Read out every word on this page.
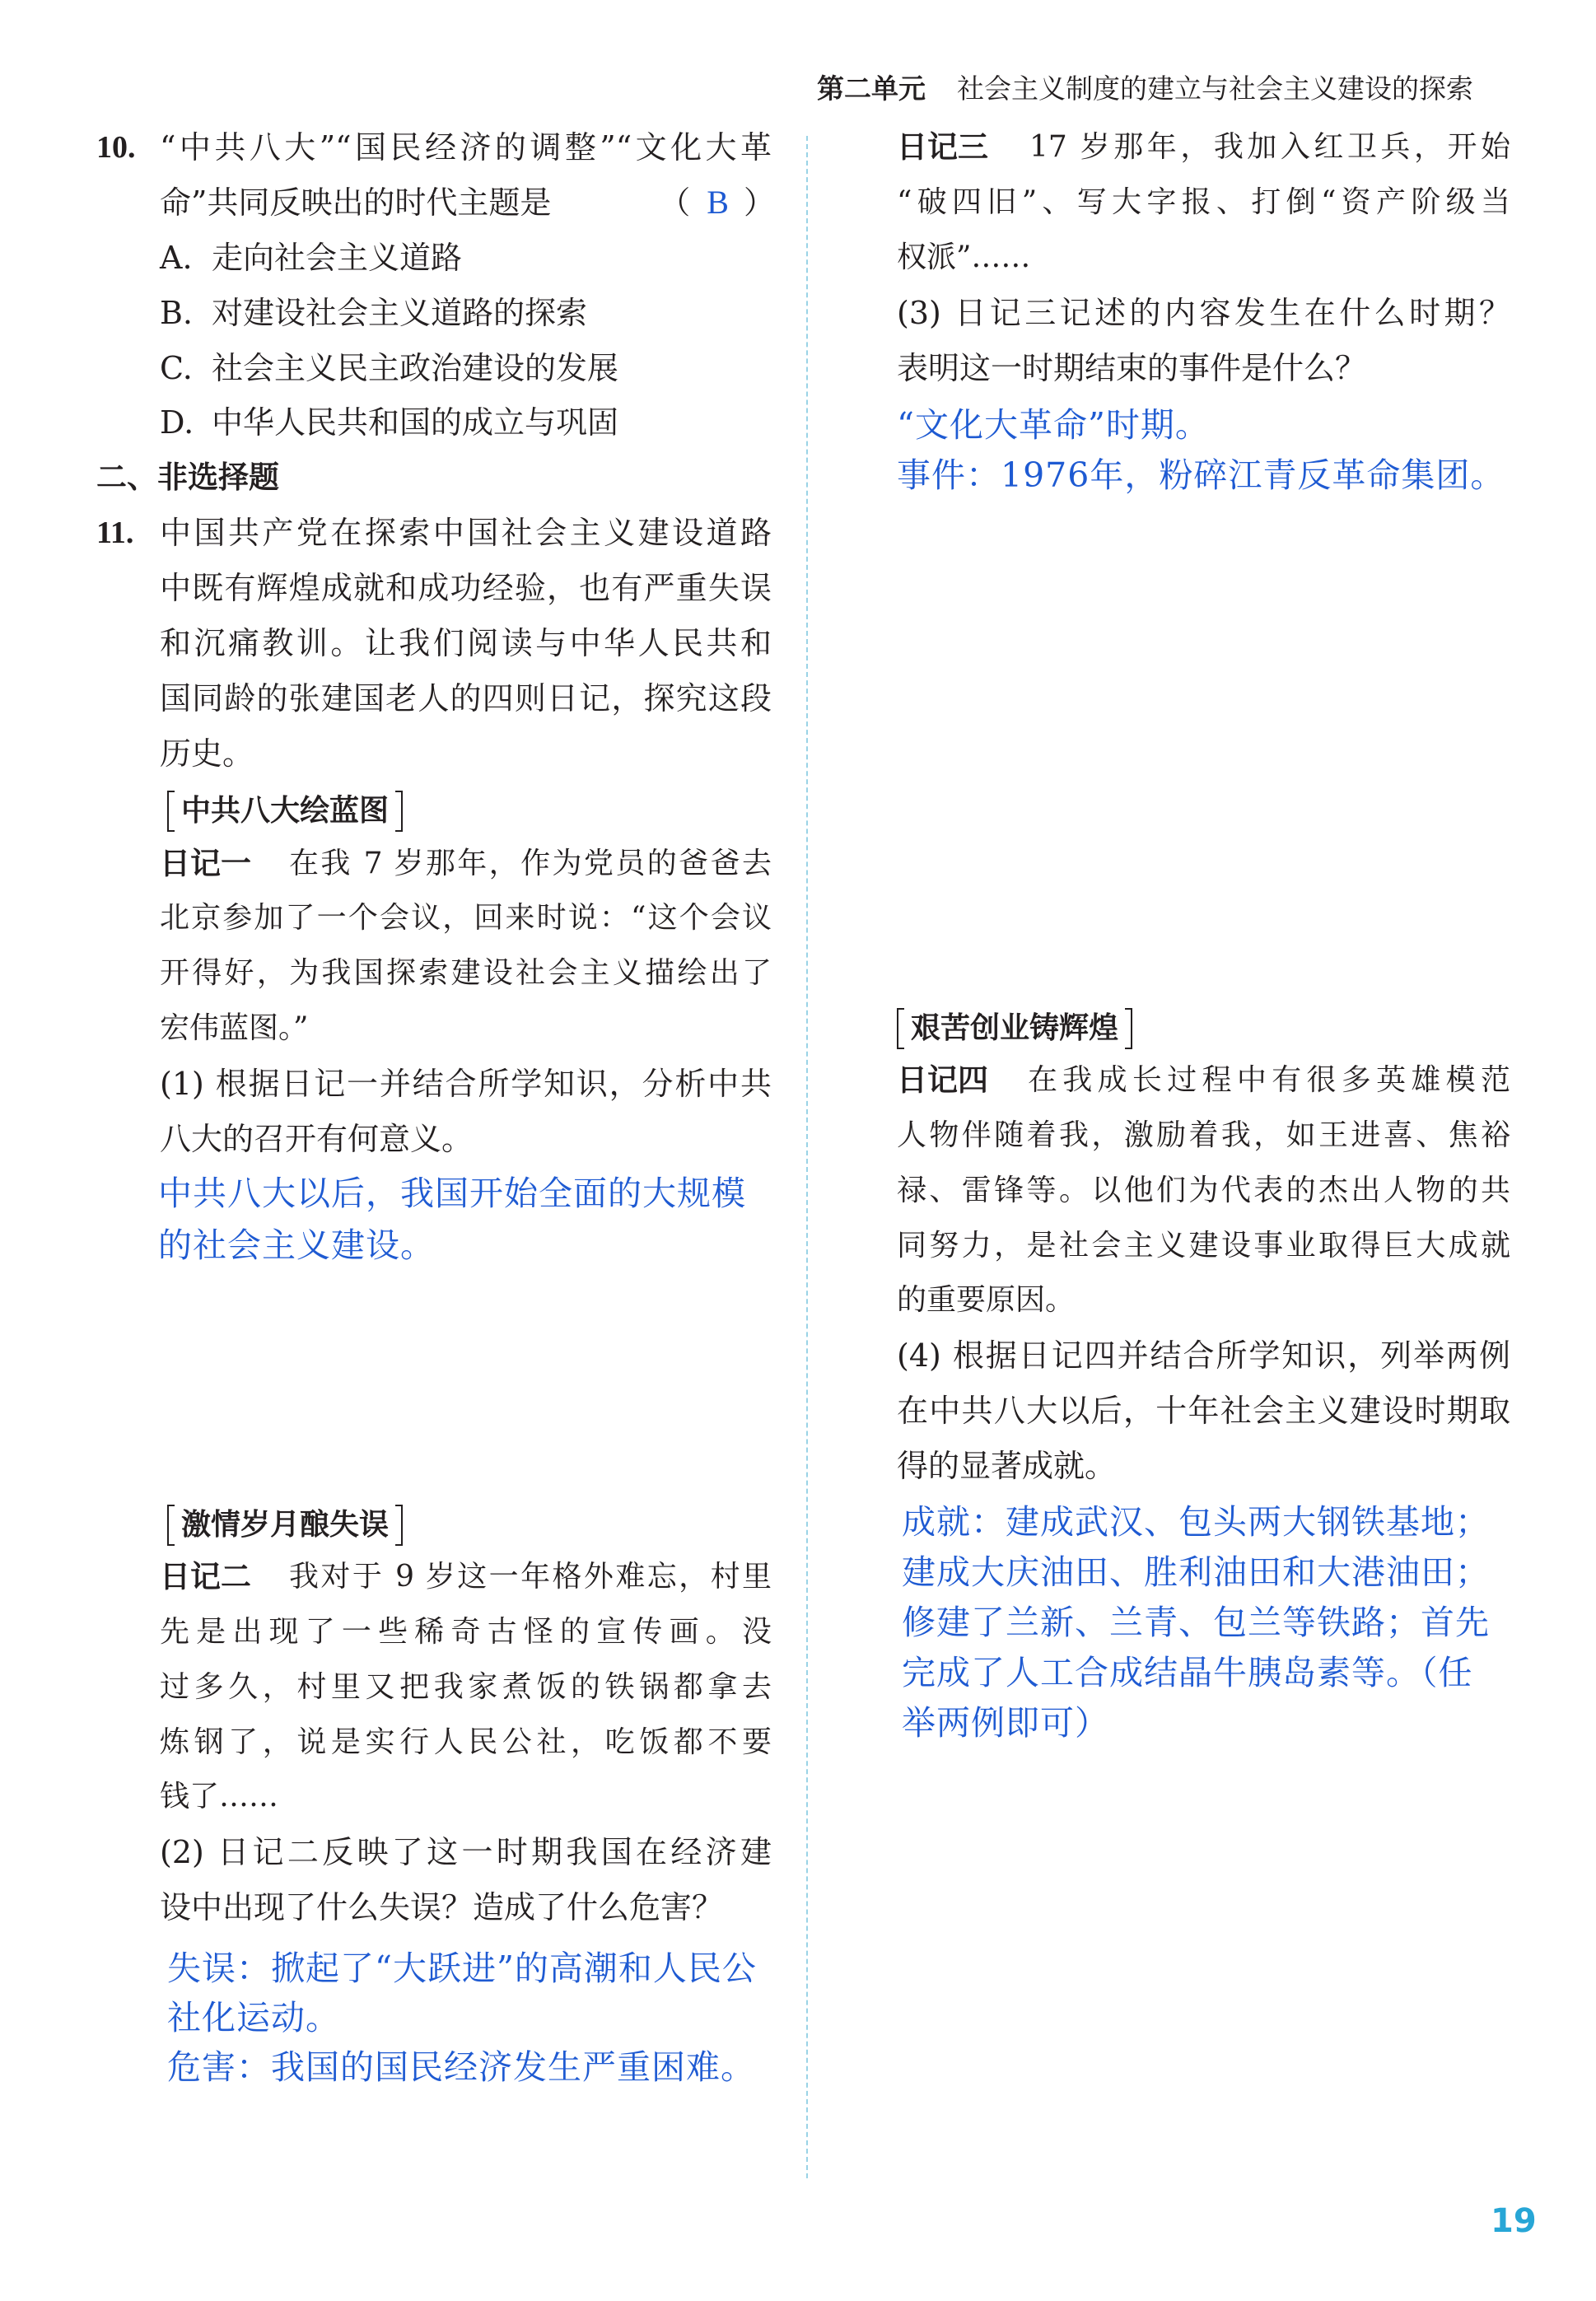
第二单元 社会主义制度的建立与社会主义建设的探索
10. “中共八大”“国民经济的调整”“文化大革
命”共同反映出的时代主题是	（ B ）
A. 走向社会主义道路
B. 对建设社会主义道路的探索
C. 社会主义民主政治建设的发展
D. 中华人民共和国的成立与巩固
二、非选择题
11. 中国共产党在探索中国社会主义建设道路
中既有辉煌成就和成功经验，也有严重失误
和沉痛教训。让我们阅读与中华人民共和
国同龄的张建国老人的四则日记，探究这段
历史。
中共八大绘蓝图
日记一 在我 7 岁那年，作为党员的爸爸去
北京参加了一个会议，回来时说：“这个会议
开得好，为我国探索建设社会主义描绘出了
宏伟蓝图。”
(1) 根据日记一并结合所学知识，分析中共
八大的召开有何意义。
中共八大以后，我国开始全面的大规模
的社会主义建设。
激情岁月酿失误
日记二 我对于 9 岁这一年格外难忘，村里
先是出现了一些稀奇古怪的宣传画。没
过多久，村里又把我家煮饭的铁锅都拿去
炼钢了，说是实行人民公社，吃饭都不要
钱了……
(2) 日记二反映了这一时期我国在经济建
设中出现了什么失误？造成了什么危害？
失误：掀起了“大跃进”的高潮和人民公
社化运动。
危害：我国的国民经济发生严重困难。
日记三 17 岁那年，我加入红卫兵，开始
“破四旧”、写大字报、打倒“资产阶级当
权派”……
(3) 日记三记述的内容发生在什么时期？
表明这一时期结束的事件是什么？
“文化大革命”时期。
事件：1976年，粉碎江青反革命集团。
艰苦创业铸辉煌
日记四 在我成长过程中有很多英雄模范
人物伴随着我，激励着我，如王进喜、焦裕
禄、雷锋等。以他们为代表的杰出人物的共
同努力，是社会主义建设事业取得巨大成就
的重要原因。
(4) 根据日记四并结合所学知识，列举两例
在中共八大以后，十年社会主义建设时期取
得的显著成就。
成就：建成武汉、包头两大钢铁基地；
建成大庆油田、胜利油田和大港油田；
修建了兰新、兰青、包兰等铁路；首先
完成了人工合成结晶牛胰岛素等。（任
举两例即可）
19
